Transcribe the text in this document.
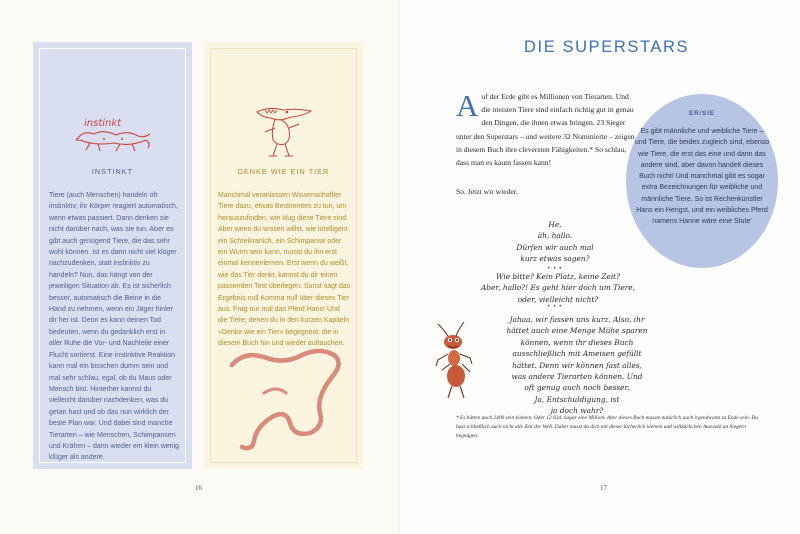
instinkt
INSTINKT

Tiere (auch Menschen) handeln oft instinktiv; ihr Körper reagiert automatisch, wenn etwas passiert. Dann denken sie nicht darüber nach, was sie tun. Aber es gibt auch genügend Tiere, die das sehr wohl können. Ist es dann nicht viel klüger nachzudenken, statt instinktiv zu handeln? Nun, das hängt von der jeweiligen Situation ab. Es ist sicherlich besser, automatisch die Beine in die Hand zu nehmen, wenn ein Jäger hinter dir her ist. Denn es kann deinen Tod bedeuten, wenn du gedanklich erst in aller Ruhe die Vor- und Nachteile einer Flucht sortierst. Eine instinktive Reaktion kann mal ein bisschen dumm sein und mal sehr schlau, egal, ob du Maus oder Mensch bist. Hinterher kannst du vielleicht darüber nachdenken, was du getan hast und ob das nun wirklich der beste Plan war. Und dabei sind manche Tierarten – wie Menschen, Schimpansen und Krähen – dann wieder ein klein wenig klüger als andere.

DENKE WIE EIN TIER

Manchmal veranlassen Wissenschaftler Tiere dazu, etwas Bestimmtes zu tun, um herauszufinden, wie klug diese Tiere sind. Aber wenn du wissen willst, wie intelligent ein Schreikranich, ein Schimpanse oder ein Wurm sein kann, musst du ihn erst einmal kennenlernen. Erst wenn du weißt, wie das Tier denkt, kannst du dir einen passenden Test überlegen. Sonst sagt das Ergebnis null Komma null über dieses Tier aus. Frag nur mal das Pferd Hans! Und die Tiere, denen du in den kurzen Kapiteln «Denke wie ein Tier» begegnest, die in diesem Buch hin und wieder auftauchen.

16
DIE SUPERSTARS

Auf der Erde gibt es Millionen von Tierarten. Und die meisten Tiere sind einfach richtig gut in genau den Dingen, die ihnen etwas bringen. 23 Sieger unter den Superstars – und weitere 32 Nominierte – zeigen in diesem Buch ihre cleversten Fähigkeiten.* So schlau, dass man es kaum fassen kann!

So. Jetzt wir wieder.

ER/SIE

Es gibt männliche und weibliche Tiere – und Tiere, die beides zugleich sind, ebenso wie Tiere, die erst das eine und dann das andere sind, aber davon handelt dieses Buch nicht! Und manchmal gibt es sogar extra Bezeichnungen für weibliche und männliche Tiere. So ist Rechenkünstler Hans ein Hengst, und ein weibliches Pferd namens Hanne wäre eine Stute'

He,

äh, hallo.

Dürfen wir auch mal

kurz etwas sagen?

• • •

Wie bitte? Kein Platz, keine Zeit?

Aber, hallo?! Es geht hier doch um Tiere,

oder, vielleicht nicht?

• • •

Jahaa, wir fassen uns kurz. Also, ihr

hättet auch eine Menge Mühe sparen

können, wenn ihr dieses Buch

ausschließlich mit Ameisen gefüllt

hättet. Denn wir können fast alles,

was andere Tierarten können. Und

oft genug auch noch besser.

Ja, Entschuldigung, ist

ja doch wahr?

* Es hätten auch 2400 sein können. Oder 12 834. Sogar eine Million. Aber dieses Buch musste natürlich auch irgendwann zu Ende sein. Du hast schließlich auch nicht alle Zeit der Welt. Daher musst du dich mit dieser lächerlich kleinen und willkürlichen Auswahl an Siegern begnügen.

17
